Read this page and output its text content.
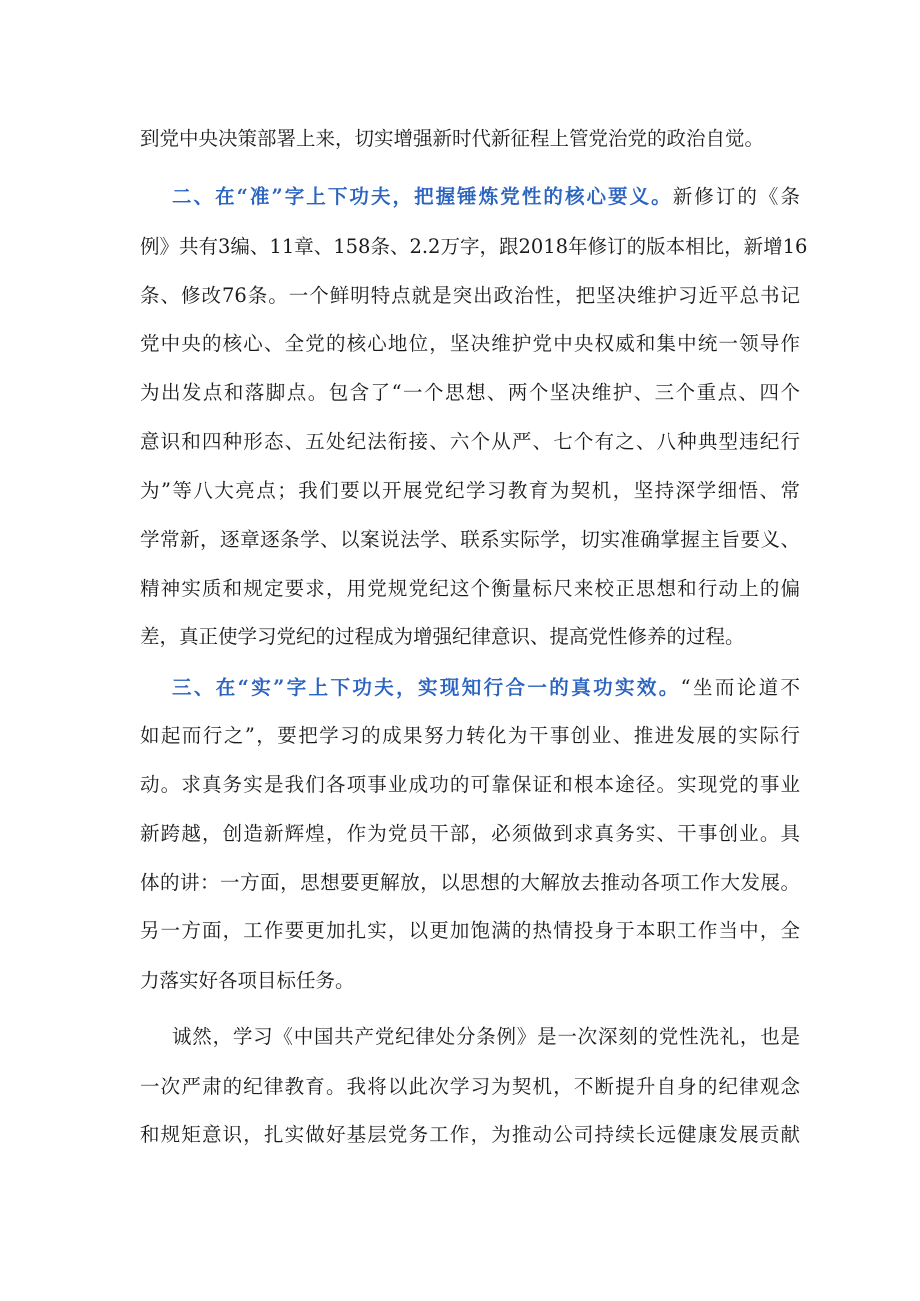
到党中央决策部署上来，切实增强新时代新征程上管党治党的政治自觉。

二、在“准”字上下功夫，把握锤炼党性的核心要义。新修订的《条

例》共有3编、11章、158条、2.2万字，跟2018年修订的版本相比，新增16

条、修改76条。一个鲜明特点就是突出政治性，把坚决维护习近平总书记

党中央的核心、全党的核心地位，坚决维护党中央权威和集中统一领导作

为出发点和落脚点。包含了“一个思想、两个坚决维护、三个重点、四个

意识和四种形态、五处纪法衔接、六个从严、七个有之、八种典型违纪行

为”等八大亮点；我们要以开展党纪学习教育为契机，坚持深学细悟、常

学常新，逐章逐条学、以案说法学、联系实际学，切实准确掌握主旨要义、

精神实质和规定要求，用党规党纪这个衡量标尺来校正思想和行动上的偏

差，真正使学习党纪的过程成为增强纪律意识、提高党性修养的过程。

三、在“实”字上下功夫，实现知行合一的真功实效。“坐而论道不

如起而行之”，要把学习的成果努力转化为干事创业、推进发展的实际行

动。求真务实是我们各项事业成功的可靠保证和根本途径。实现党的事业

新跨越，创造新辉煌，作为党员干部，必须做到求真务实、干事创业。具

体的讲：一方面，思想要更解放，以思想的大解放去推动各项工作大发展。

另一方面，工作要更加扎实，以更加饱满的热情投身于本职工作当中，全

力落实好各项目标任务。

诚然，学习《中国共产党纪律处分条例》是一次深刻的党性洗礼，也是

一次严肃的纪律教育。我将以此次学习为契机，不断提升自身的纪律观念

和规矩意识，扎实做好基层党务工作，为推动公司持续长远健康发展贡献
